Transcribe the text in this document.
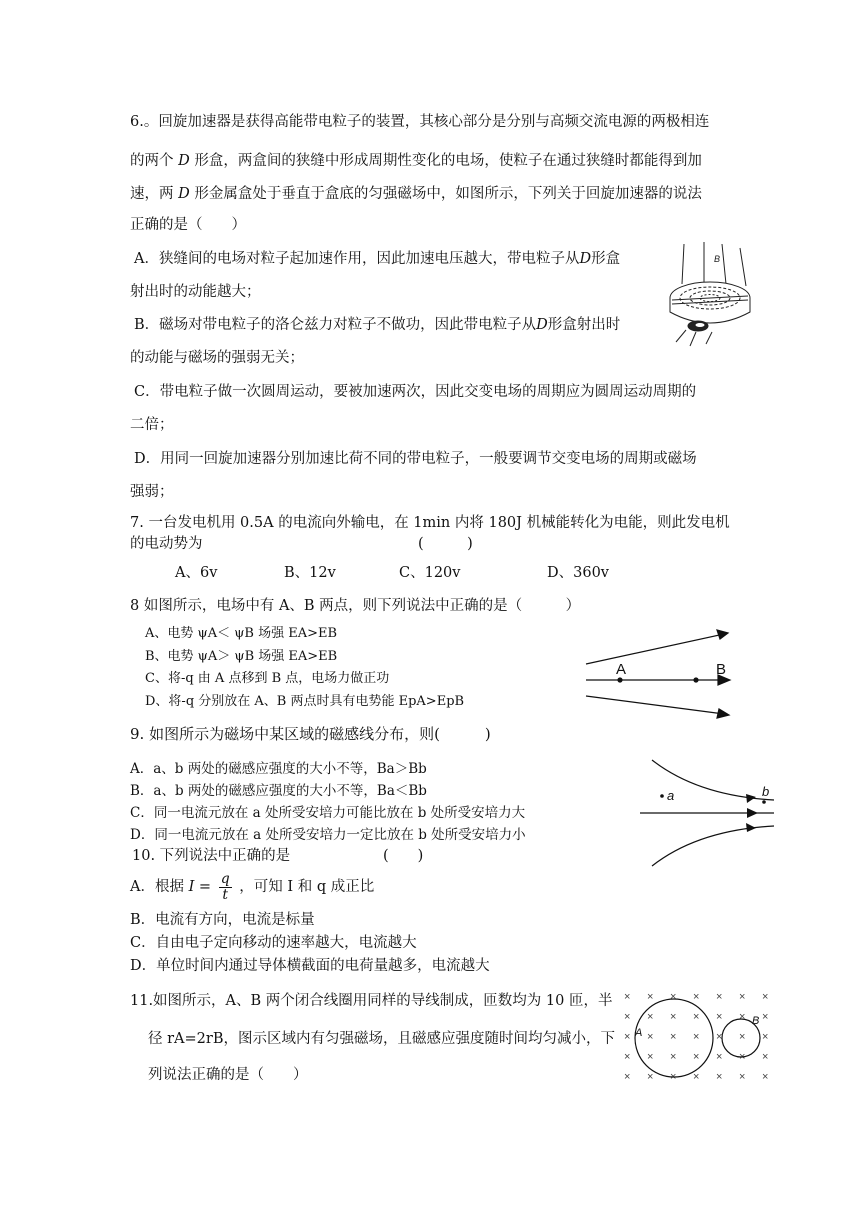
6.。回旋加速器是获得高能带电粒子的装置，其核心部分是分别与高频交流电源的两极相连
的两个 D 形盒，两盒间的狭缝中形成周期性变化的电场，使粒子在通过狭缝时都能得到加
速，两 D 形金属盒处于垂直于盒底的匀强磁场中，如图所示，下列关于回旋加速器的说法
正确的是（　　）
A．狭缝间的电场对粒子起加速作用，因此加速电压越大，带电粒子从D形盒
射出时的动能越大；
B．磁场对带电粒子的洛仑兹力对粒子不做功，因此带电粒子从D形盒射出时
的动能与磁场的强弱无关；
C．带电粒子做一次圆周运动，要被加速两次，因此交变电场的周期应为圆周运动周期的
二倍；
D．用同一回旋加速器分别加速比荷不同的带电粒子，一般要调节交变电场的周期或磁场
强弱；
B
7. 一台发电机用 0.5A 的电流向外输电，在 1min 内将 180J 机械能转化为电能，则此发电机
的电动势为	(　　　)
A、6v	B、12v	C、120v	D、360v
8 如图所示，电场中有 A、B 两点，则下列说法中正确的是（　　　）
A、电势 ψA＜ ψB 场强 EA>EB
B、电势 ψA＞ ψB 场强 EA>EB
C、将-q 由 A 点移到 B 点，电场力做正功
D、将-q 分别放在 A、B 两点时具有电势能 EpA>EpB
A	B
9. 如图所示为磁场中某区域的磁感线分布，则(　　　)
A．a、b 两处的磁感应强度的大小不等，Ba＞Bb
B．a、b 两处的磁感应强度的大小不等，Ba＜Bb
C．同一电流元放在 a 处所受安培力可能比放在 b 处所受安培力大
D．同一电流元放在 a 处所受安培力一定比放在 b 处所受安培力小
a	b
10. 下列说法中正确的是	(　　)
A．根据 $I = \frac{q}{t}$ ，可知 I 和 q 成正比
B．电流有方向，电流是标量
C．自由电子定向移动的速率越大，电流越大
D．单位时间内通过导体横截面的电荷量越多，电流越大
11.如图所示，A、B 两个闭合线圈用同样的导线制成，匝数均为 10 匝，半
径 rA=2rB，图示区域内有匀强磁场，且磁感应强度随时间均匀减小，下
列说法正确的是（　　）
× × × × × × ×
× × × × × × ×
× × × × × × ×
× × × × × × ×
× × × × × × ×
A
B
